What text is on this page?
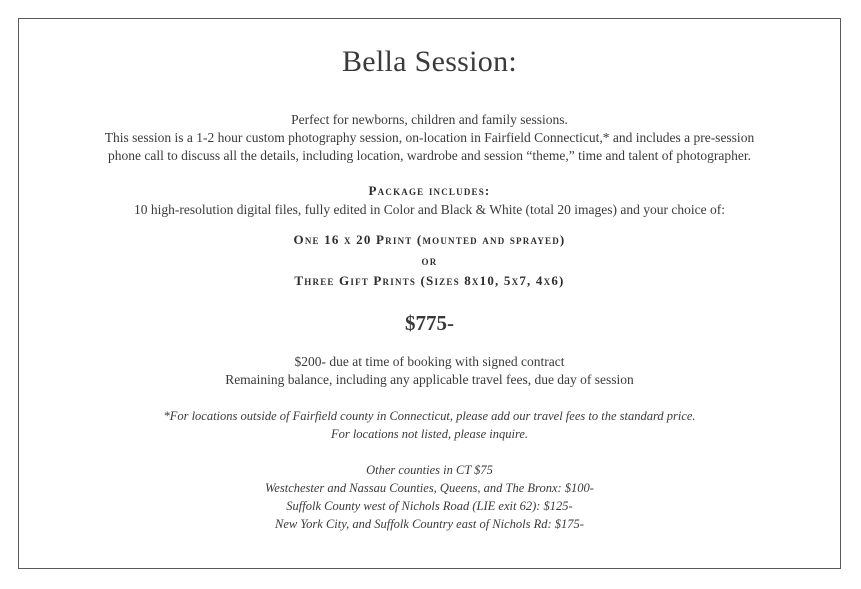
Bella Session:
Perfect for newborns, children and family sessions.
This session is a 1-2 hour custom photography session, on-location in Fairfield Connecticut,* and includes a pre-session
phone call to discuss all the details, including location, wardrobe and session “theme,” time and talent of photographer.
Package includes:
10 high-resolution digital files, fully edited in Color and Black & White (total 20 images) and your choice of:
One 16 x 20 Print (mounted and sprayed)
or
Three Gift Prints (Sizes 8x10, 5x7, 4x6)
$775-
$200- due at time of booking with signed contract
Remaining balance, including any applicable travel fees, due day of session
*For locations outside of Fairfield county in Connecticut, please add our travel fees to the standard price.
For locations not listed, please inquire.
Other counties in CT $75
Westchester and Nassau Counties, Queens, and The Bronx: $100-
Suffolk County west of Nichols Road (LIE exit 62): $125-
New York City, and Suffolk Country east of Nichols Rd: $175-
